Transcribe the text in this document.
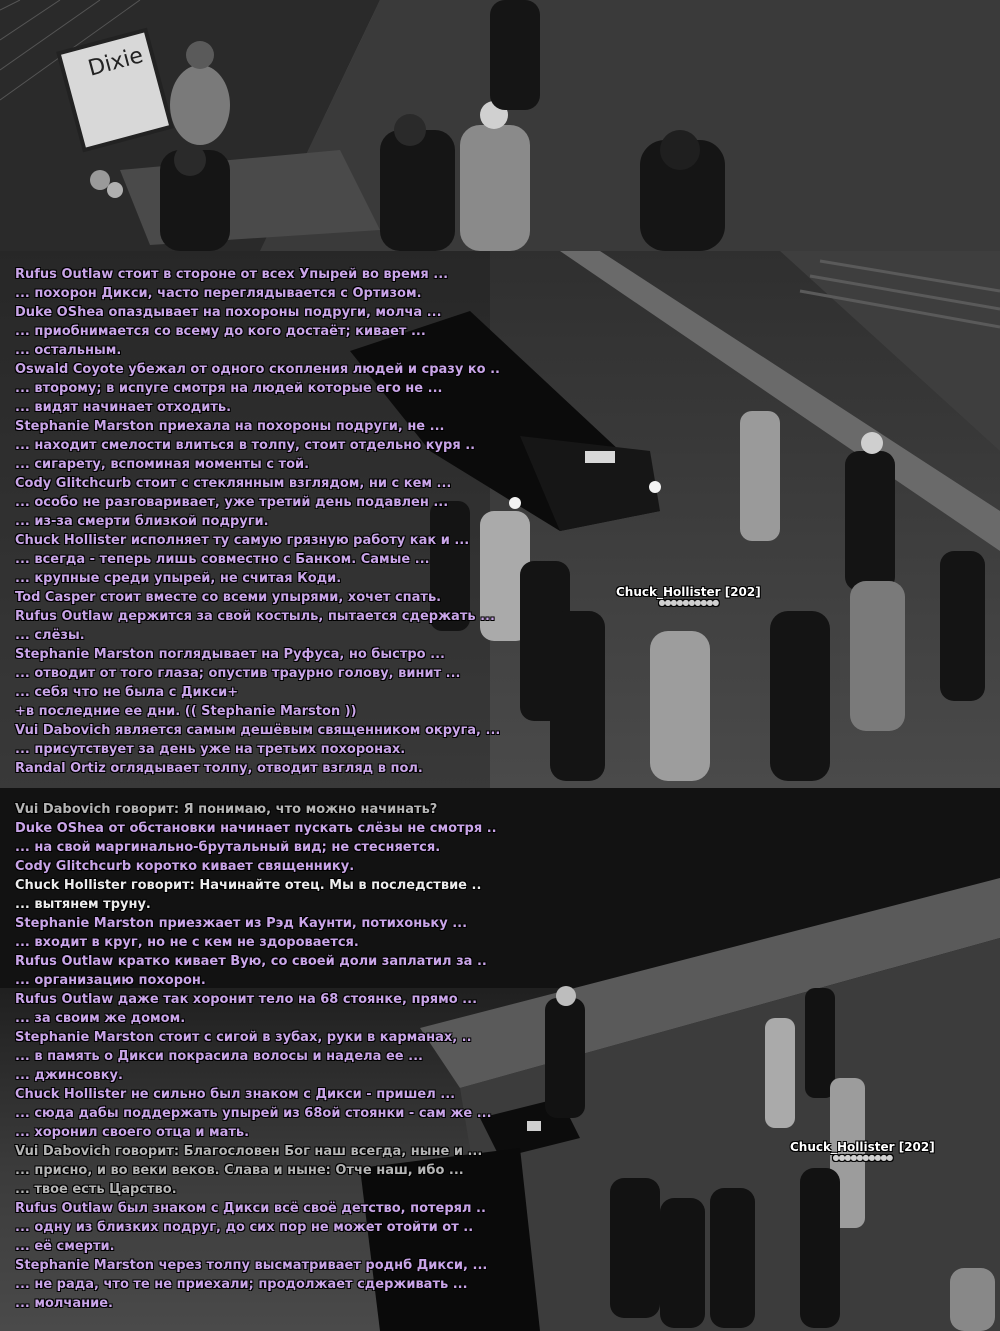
Dixie
Rufus Outlaw стоит в стороне от всех Упырей во время ...
... похорон Дикси, часто переглядывается с Ортизом.
Duke OShea опаздывает на похороны подруги, молча ...
... приобнимается со всему до кого достаёт; кивает ...
... остальным.
Oswald Coyote убежал от одного скопления людей и сразу ко ..
... второму; в испуге смотря на людей которые его не ...
... видят начинает отходить.
Stephanie Marston приехала на похороны подруги, не ...
... находит смелости влиться в толпу, стоит отдельно куря ..
... сигарету, вспоминая моменты с той.
Cody Glitchcurb стоит с стеклянным взглядом, ни с кем ...
... особо не разговаривает, уже третий день подавлен ...
... из-за смерти близкой подруги.
Chuck Hollister исполняет ту самую грязную работу как и ...
... всегда - теперь лишь совместно с Банком. Самые ...
... крупные среди упырей, не считая Коди.
Tod Casper стоит вместе со всеми упырями, хочет спать.
Rufus Outlaw держится за свой костыль, пытается сдержать ...
... слёзы.
Stephanie Marston поглядывает на Руфуса, но быстро ...
... отводит от того глаза; опустив траурно голову, винит ...
... себя что не была с Дикси+
+в последние ее дни. (( Stephanie Marston ))
Vui Dabovich является самым дешёвым священником округа, ...
... присутствует за день уже на третьих похоронах.
Randal Ortiz оглядывает толпу, отводит взгляд в пол.
Chuck_Hollister [202]
●●●●●●●●●●
Vui Dabovich говорит: Я понимаю, что можно начинать?
Duke OShea от обстановки начинает пускать слёзы не смотря ..
... на свой маргинально-брутальный вид; не стесняется.
Cody Glitchcurb коротко кивает священнику.
Chuck Hollister говорит: Начинайте отец. Мы в последствие ..
... вытянем труну.
Stephanie Marston приезжает из Рэд Каунти, потихоньку ...
... входит в круг, но не с кем не здоровается.
Rufus Outlaw кратко кивает Вую, со своей доли заплатил за ..
... организацию похорон.
Rufus Outlaw даже так хоронит тело на 68 стоянке, прямо ...
... за своим же домом.
Stephanie Marston стоит с сигой в зубах, руки в карманах, ..
... в память о Дикси покрасила волосы и надела ее ...
... джинсовку.
Chuck Hollister не сильно был знаком с Дикси - пришел ...
... сюда дабы поддержать упырей из 68ой стоянки - сам же ...
... хоронил своего отца и мать.
Vui Dabovich говорит: Благословен Бог наш всегда, ныне и ...
... присно, и во веки веков. Слава и ныне: Отче наш, ибо ...
... твое есть Царство.
Rufus Outlaw был знаком с Дикси всё своё детство, потерял ..
... одну из близких подруг, до сих пор не может отойти от ..
... её смерти.
Stephanie Marston через толпу высматривает роднб Дикси, ...
... не рада, что те не приехали; продолжает сдерживать ...
... молчание.
Chuck_Hollister [202]
●●●●●●●●●●
